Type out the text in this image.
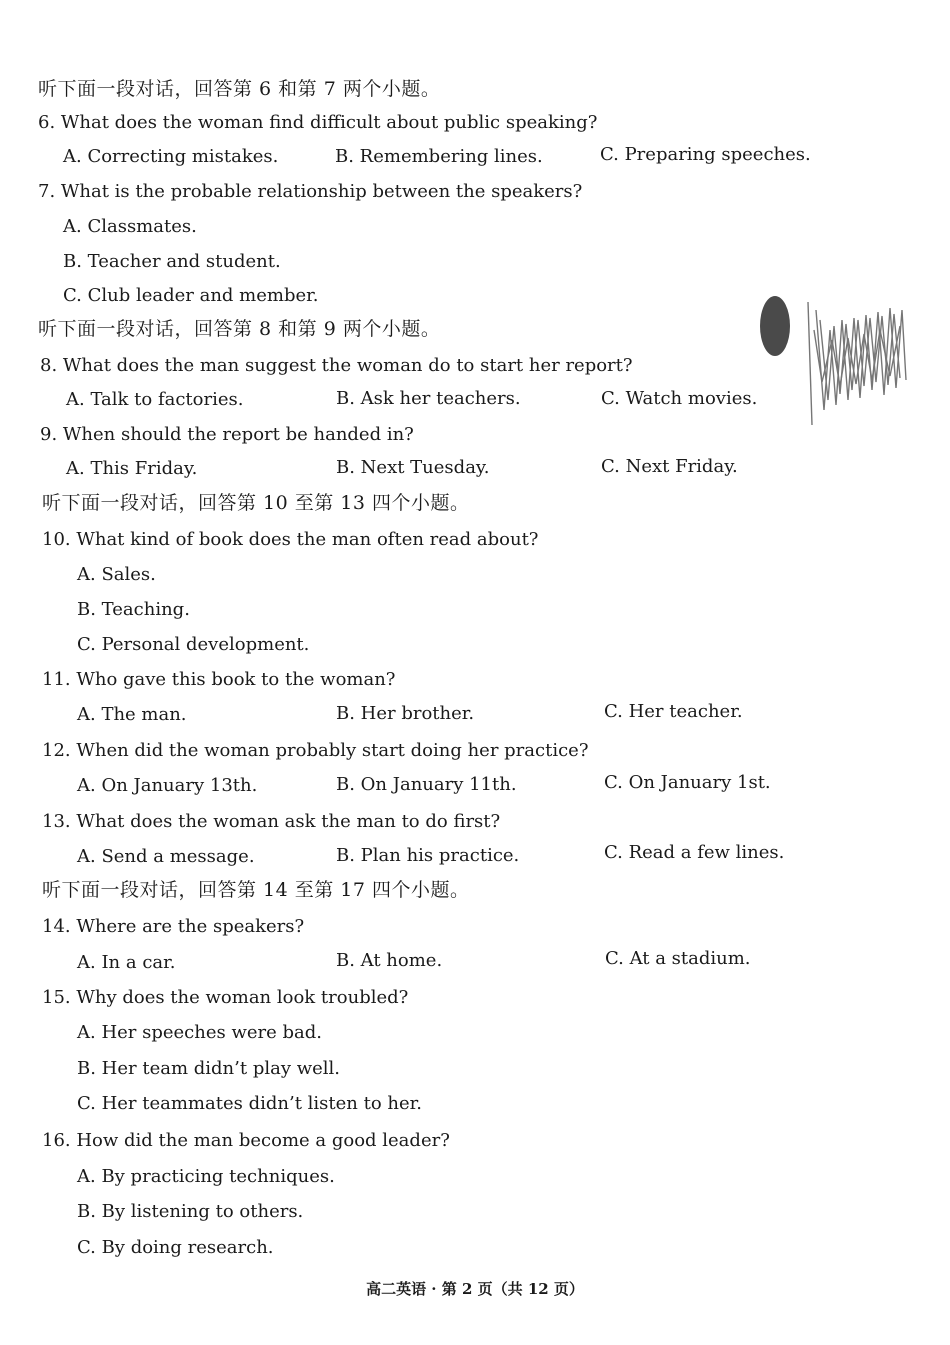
听下面一段对话，回答第 6 和第 7 两个小题。
6. What does the woman find difficult about public speaking?
A. Correcting mistakes.	B. Remembering lines.	C. Preparing speeches.
7. What is the probable relationship between the speakers?
A. Classmates.
B. Teacher and student.
C. Club leader and member.
听下面一段对话，回答第 8 和第 9 两个小题。
8. What does the man suggest the woman do to start her report?
A. Talk to factories.	B. Ask her teachers.	C. Watch movies.
9. When should the report be handed in?
A. This Friday.	B. Next Tuesday.	C. Next Friday.
听下面一段对话，回答第 10 至第 13 四个小题。
10. What kind of book does the man often read about?
A. Sales.
B. Teaching.
C. Personal development.
11. Who gave this book to the woman?
A. The man.	B. Her brother.	C. Her teacher.
12. When did the woman probably start doing her practice?
A. On January 13th.	B. On January 11th.	C. On January 1st.
13. What does the woman ask the man to do first?
A. Send a message.	B. Plan his practice.	C. Read a few lines.
听下面一段对话，回答第 14 至第 17 四个小题。
14. Where are the speakers?
A. In a car.	B. At home.	C. At a stadium.
15. Why does the woman look troubled?
A. Her speeches were bad.
B. Her team didn’t play well.
C. Her teammates didn’t listen to her.
16. How did the man become a good leader?
A. By practicing techniques.
B. By listening to others.
C. By doing research.
高二英语 · 第 2 页（共 12 页）
